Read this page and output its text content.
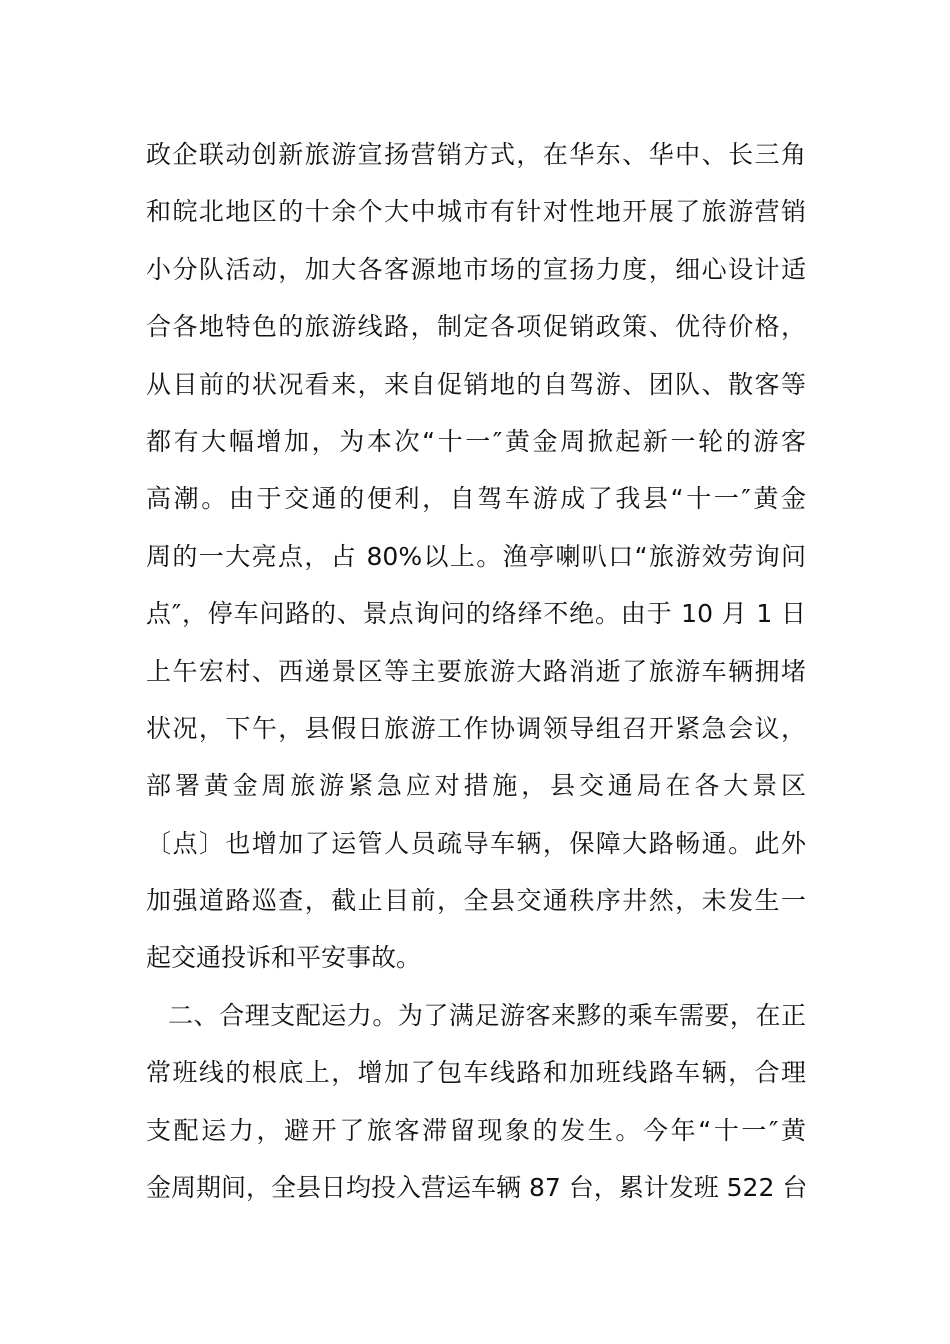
政企联动创新旅游宣扬营销方式，在华东、华中、长三角
和皖北地区的十余个大中城市有针对性地开展了旅游营销
小分队活动，加大各客源地市场的宣扬力度，细心设计适
合各地特色的旅游线路，制定各项促销政策、优待价格，
从目前的状况看来，来自促销地的自驾游、团队、散客等
都有大幅增加，为本次“十一″黄金周掀起新一轮的游客
高潮。由于交通的便利，自驾车游成了我县“十一″黄金
周的一大亮点，占 80%以上。渔亭喇叭口“旅游效劳询问
点″，停车问路的、景点询问的络绎不绝。由于 10 月 1 日
上午宏村、西递景区等主要旅游大路消逝了旅游车辆拥堵
状况，下午，县假日旅游工作协调领导组召开紧急会议，
部署黄金周旅游紧急应对措施，县交通局在各大景区
〔点〕也增加了运管人员疏导车辆，保障大路畅通。此外
加强道路巡查，截止目前，全县交通秩序井然，未发生一
起交通投诉和平安事故。
二、合理支配运力。为了满足游客来黟的乘车需要，在正
常班线的根底上，增加了包车线路和加班线路车辆，合理
支配运力，避开了旅客滞留现象的发生。今年“十一″黄
金周期间，全县日均投入营运车辆 87 台，累计发班 522 台
